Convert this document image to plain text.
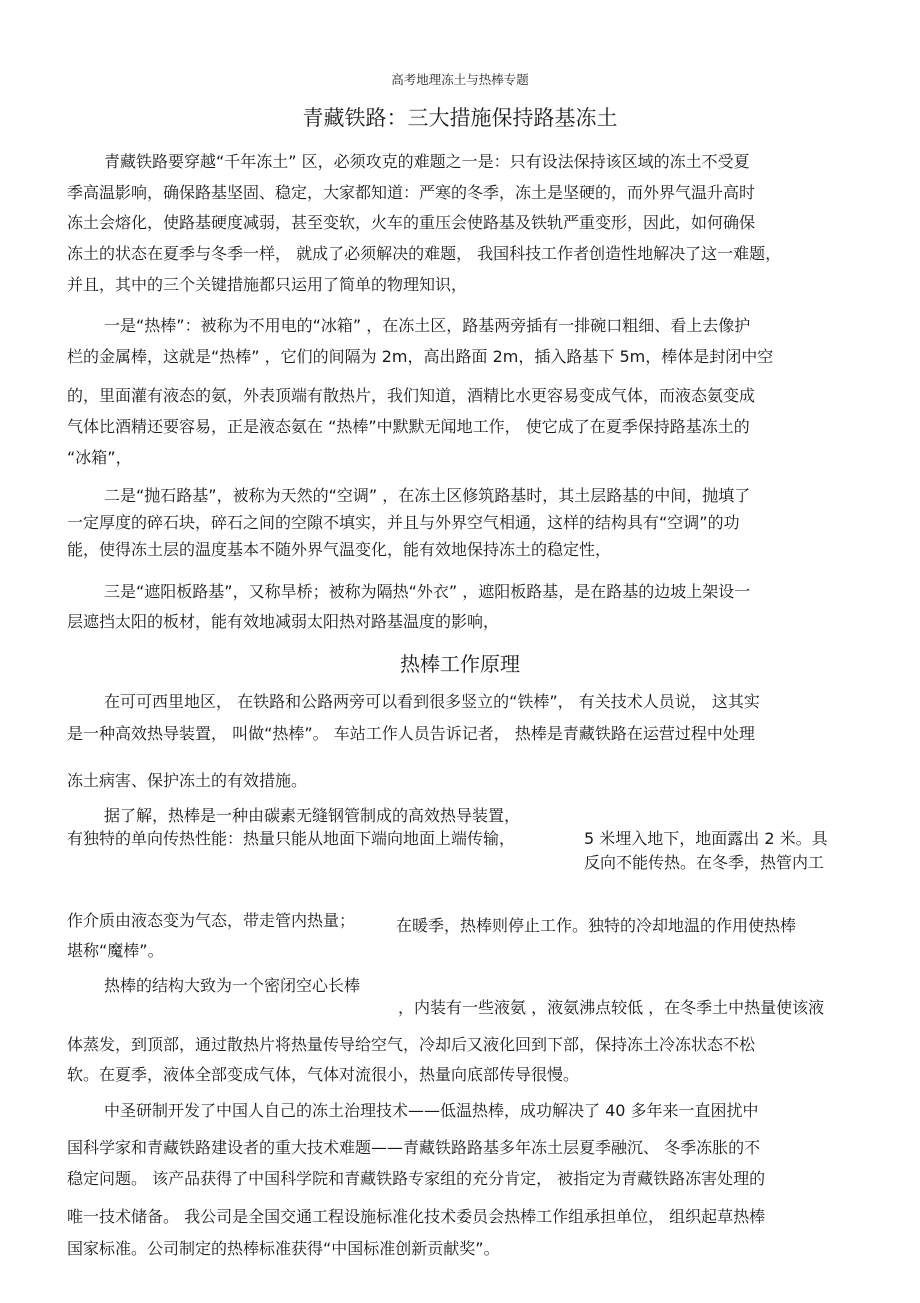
高考地理冻土与热棒专题
青藏铁路：三大措施保持路基冻土
青藏铁路要穿越“千年冻土” 区，必须攻克的难题之一是：只有设法保持该区域的冻土不受夏
季高温影响，确保路基坚固、稳定，大家都知道：严寒的冬季，冻土是坚硬的，而外界气温升高时
冻土会熔化，使路基硬度减弱，甚至变软，火车的重压会使路基及铁轨严重变形，因此，如何确保
冻土的状态在夏季与冬季一样， 就成了必须解决的难题， 我国科技工作者创造性地解决了这一难题，
并且，其中的三个关键措施都只运用了简单的物理知识，
一是“热棒”：被称为不用电的“冰箱” ，在冻土区，路基两旁插有一排碗口粗细、看上去像护
栏的金属棒，这就是“热棒” ，它们的间隔为 2m，高出路面 2m，插入路基下 5m，棒体是封闭中空
的，里面灌有液态的氨，外表顶端有散热片，我们知道，酒精比水更容易变成气体，而液态氨变成
气体比酒精还要容易，正是液态氨在 “热棒”中默默无闻地工作， 使它成了在夏季保持路基冻土的
“冰箱”，
二是“抛石路基”，被称为天然的“空调” ，在冻土区修筑路基时，其土层路基的中间，抛填了
一定厚度的碎石块，碎石之间的空隙不填实，并且与外界空气相通，这样的结构具有“空调”的功
能，使得冻土层的温度基本不随外界气温变化，能有效地保持冻土的稳定性，
三是“遮阳板路基”，又称旱桥；被称为隔热“外衣” ，遮阳板路基，是在路基的边坡上架设一
层遮挡太阳的板材，能有效地减弱太阳热对路基温度的影响，
热棒工作原理
在可可西里地区， 在铁路和公路两旁可以看到很多竖立的“铁棒”， 有关技术人员说， 这其实
是一种高效热导装置， 叫做“热棒”。 车站工作人员告诉记者， 热棒是青藏铁路在运营过程中处理
冻土病害、保护冻土的有效措施。
据了解，热棒是一种由碳素无缝钢管制成的高效热导装置，
有独特的单向传热性能：热量只能从地面下端向地面上端传输，	5 米埋入地下，地面露出 2 米。具
反向不能传热。在冬季，热管内工
作介质由液态变为气态，带走管内热量；	在暖季，热棒则停止工作。独特的冷却地温的作用使热棒
堪称“魔棒”。
热棒的结构大致为一个密闭空心长棒
，内装有一些液氨 ，液氨沸点较低 ，在冬季土中热量使该液
体蒸发，到顶部，通过散热片将热量传导给空气，冷却后又液化回到下部，保持冻土冷冻状态不松
软。在夏季，液体全部变成气体，气体对流很小，热量向底部传导很慢。
中圣研制开发了中国人自己的冻土治理技术——低温热棒，成功解决了 40 多年来一直困扰中
国科学家和青藏铁路建设者的重大技术难题——青藏铁路路基多年冻土层夏季融沉、 冬季冻胀的不
稳定问题。 该产品获得了中国科学院和青藏铁路专家组的充分肯定， 被指定为青藏铁路冻害处理的
唯一技术储备。 我公司是全国交通工程设施标准化技术委员会热棒工作组承担单位， 组织起草热棒
国家标准。公司制定的热棒标准获得“中国标准创新贡献奖”。
